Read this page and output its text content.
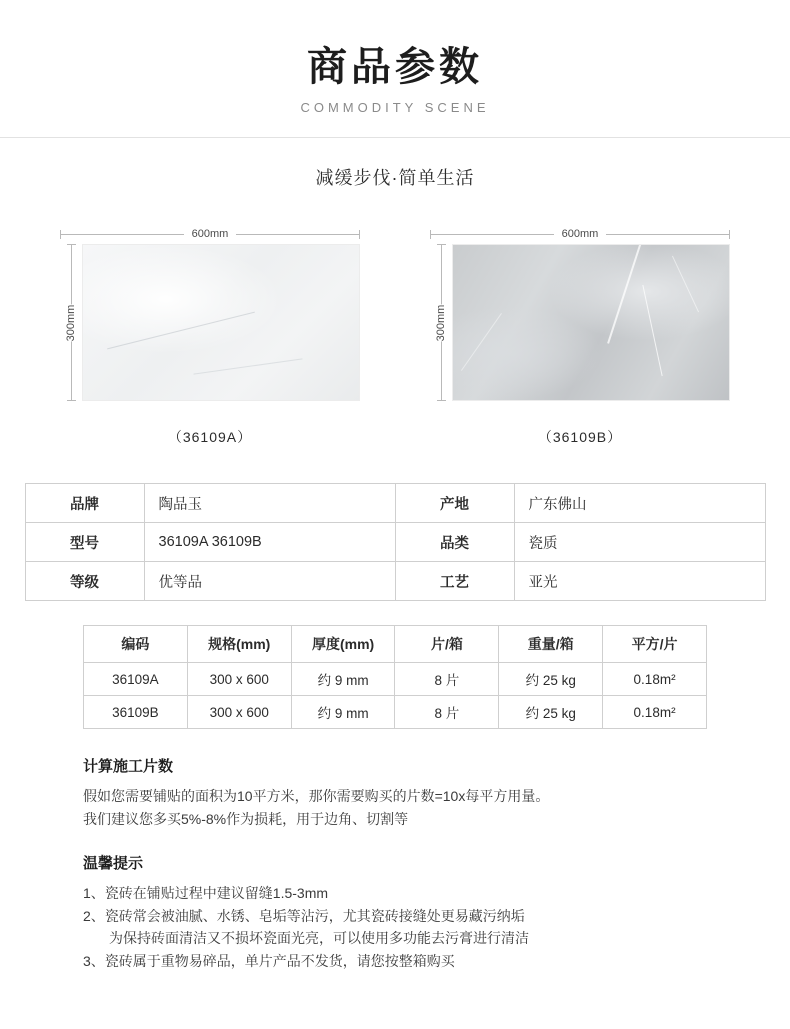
商品参数
COMMODITY SCENE
减缓步伐·简单生活
600mm
300mm
（36109A）
600mm
300mm
（36109B）
品牌	陶品玉	产地	广东佛山
型号	36109A 36109B	品类	瓷质
等级	优等品	工艺	亚光
编码	规格(mm)	厚度(mm)	片/箱	重量/箱	平方/片
36109A	300 x 600	约 9 mm	8 片	约 25 kg	0.18m²
36109B	300 x 600	约 9 mm	8 片	约 25 kg	0.18m²
计算施工片数
假如您需要铺贴的面积为10平方米，那你需要购买的片数=10x每平方用量。
我们建议您多买5%-8%作为损耗，用于边角、切割等
温馨提示
1、瓷砖在铺贴过程中建议留缝1.5-3mm
2、瓷砖常会被油腻、水锈、皂垢等沾污，尤其瓷砖接缝处更易藏污纳垢
为保持砖面清洁又不损坏瓷面光亮，可以使用多功能去污膏进行清洁
3、瓷砖属于重物易碎品，单片产品不发货，请您按整箱购买
